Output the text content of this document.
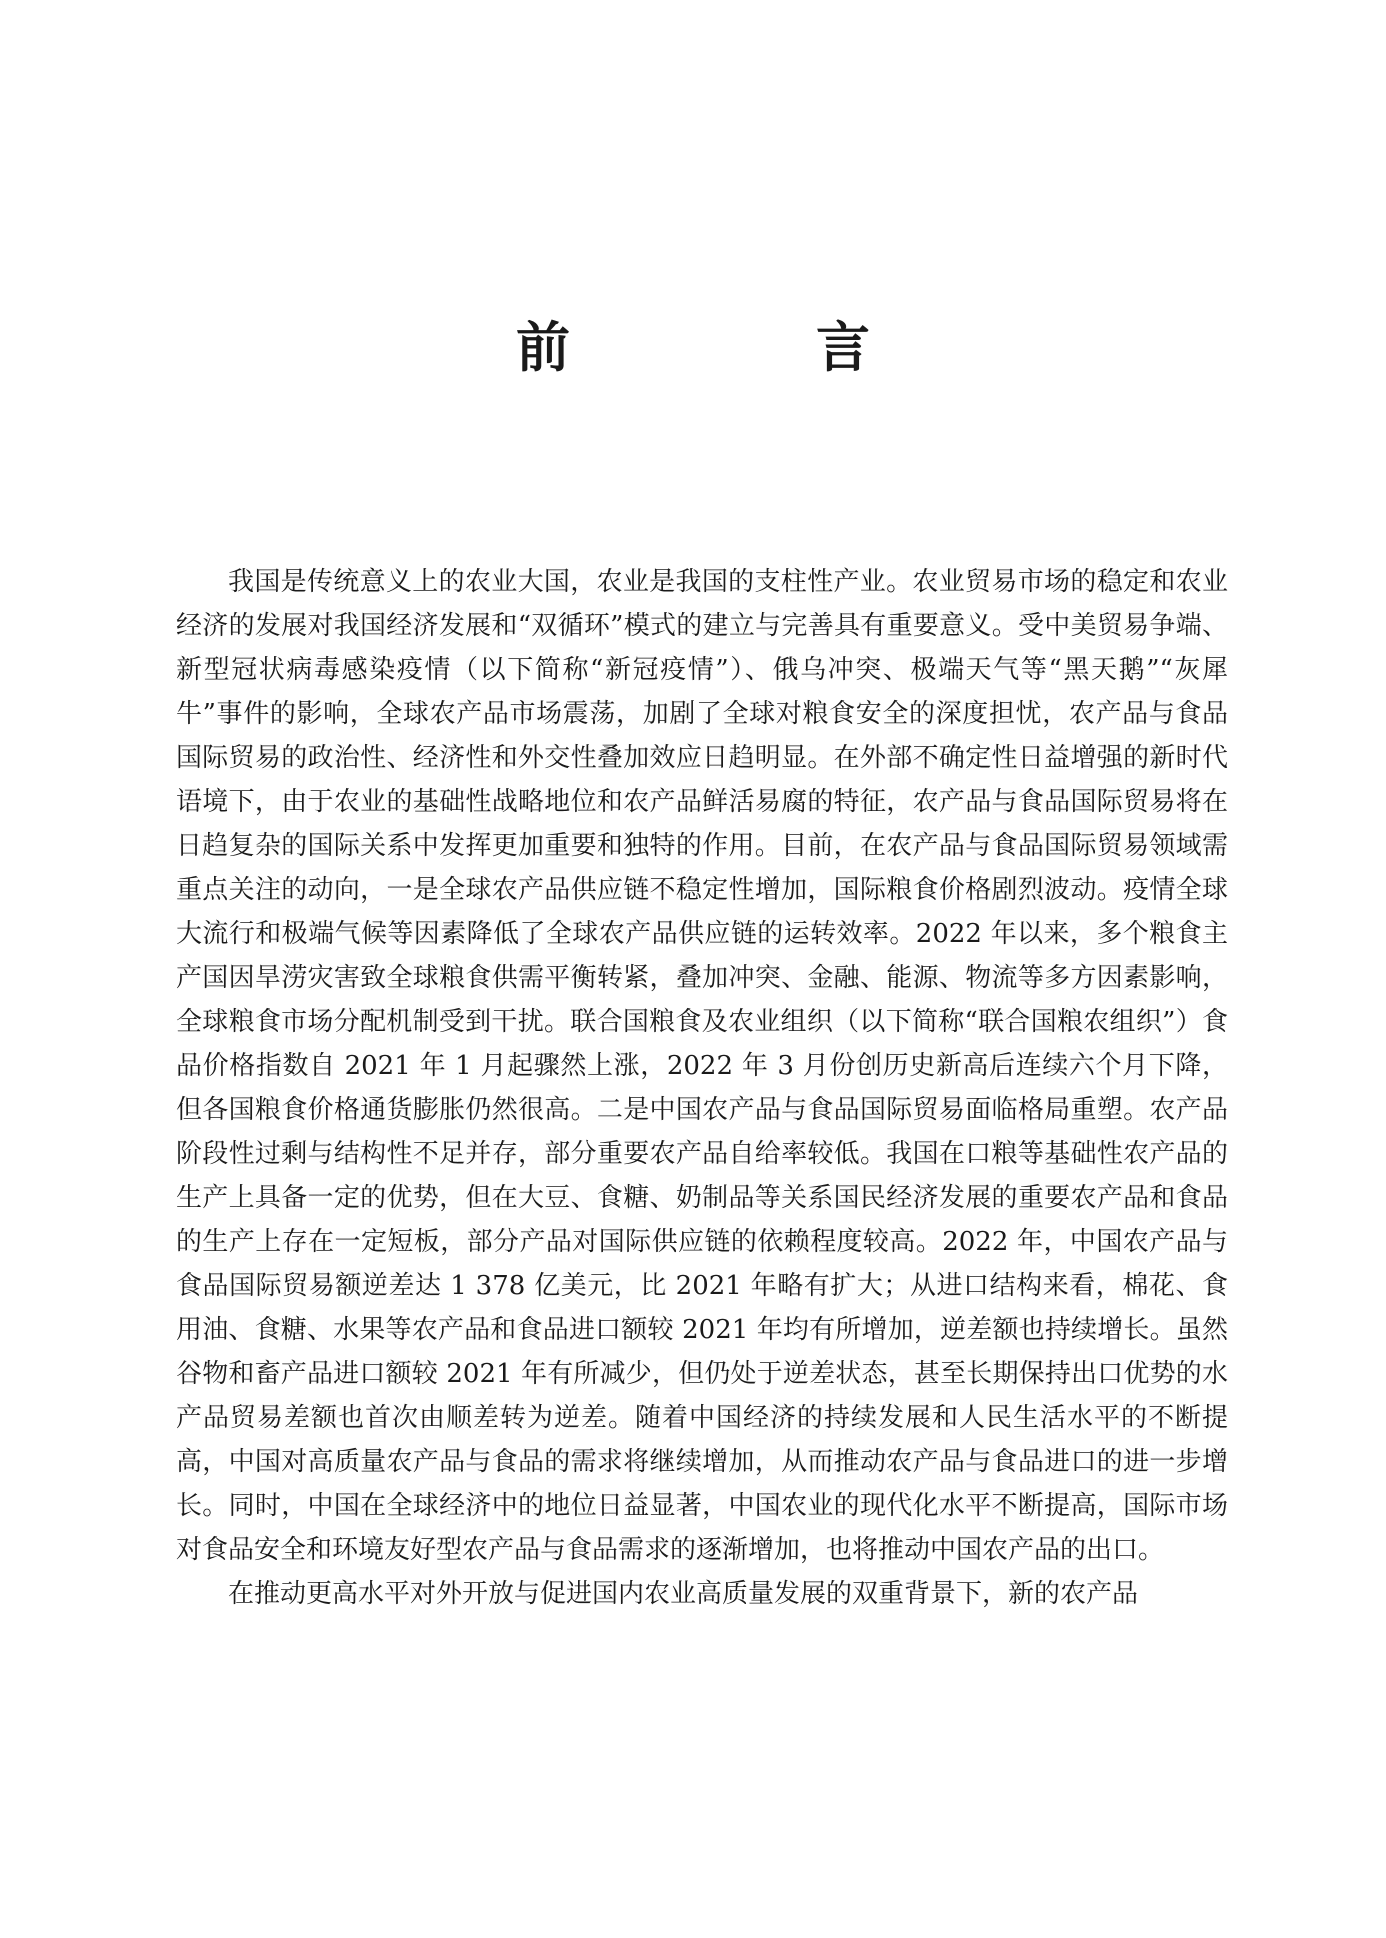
前　言

我国是传统意义上的农业大国，农业是我国的支柱性产业。农业贸易市场的稳定和农业经济的发展对我国经济发展和“双循环”模式的建立与完善具有重要意义。受中美贸易争端、新型冠状病毒感染疫情（以下简称“新冠疫情”）、俄乌冲突、极端天气等“黑天鹅”“灰犀牛”事件的影响，全球农产品市场震荡，加剧了全球对粮食安全的深度担忧，农产品与食品国际贸易的政治性、经济性和外交性叠加效应日趋明显。在外部不确定性日益增强的新时代语境下，由于农业的基础性战略地位和农产品鲜活易腐的特征，农产品与食品国际贸易将在日趋复杂的国际关系中发挥更加重要和独特的作用。目前，在农产品与食品国际贸易领域需重点关注的动向，一是全球农产品供应链不稳定性增加，国际粮食价格剧烈波动。疫情全球大流行和极端气候等因素降低了全球农产品供应链的运转效率。2022 年以来，多个粮食主产国因旱涝灾害致全球粮食供需平衡转紧，叠加冲突、金融、能源、物流等多方因素影响，全球粮食市场分配机制受到干扰。联合国粮食及农业组织（以下简称“联合国粮农组织”）食品价格指数自 2021 年 1 月起骤然上涨，2022 年 3 月份创历史新高后连续六个月下降，但各国粮食价格通货膨胀仍然很高。二是中国农产品与食品国际贸易面临格局重塑。农产品阶段性过剩与结构性不足并存，部分重要农产品自给率较低。我国在口粮等基础性农产品的生产上具备一定的优势，但在大豆、食糖、奶制品等关系国民经济发展的重要农产品和食品的生产上存在一定短板，部分产品对国际供应链的依赖程度较高。2022 年，中国农产品与食品国际贸易额逆差达 1 378 亿美元，比 2021 年略有扩大；从进口结构来看，棉花、食用油、食糖、水果等农产品和食品进口额较 2021 年均有所增加，逆差额也持续增长。虽然谷物和畜产品进口额较 2021 年有所减少，但仍处于逆差状态，甚至长期保持出口优势的水产品贸易差额也首次由顺差转为逆差。随着中国经济的持续发展和人民生活水平的不断提高，中国对高质量农产品与食品的需求将继续增加，从而推动农产品与食品进口的进一步增长。同时，中国在全球经济中的地位日益显著，中国农业的现代化水平不断提高，国际市场对食品安全和环境友好型农产品与食品需求的逐渐增加，也将推动中国农产品的出口。

在推动更高水平对外开放与促进国内农业高质量发展的双重背景下，新的农产品
